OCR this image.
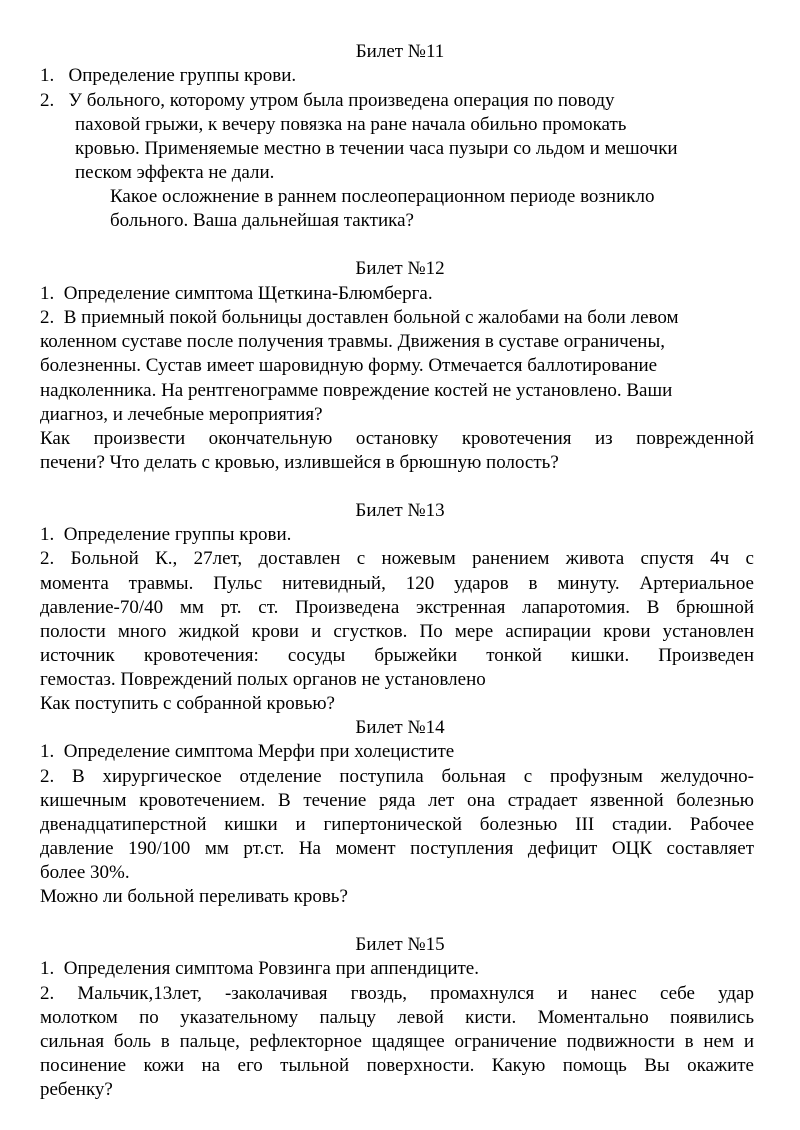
Билет №11
1.   Определение группы крови.
2.   У больного, которому утром была произведена операция по поводу
паховой грыжи, к вечеру повязка на ране начала обильно промокать
кровью. Применяемые местно в течении часа пузыри со льдом и мешочки
песком эффекта не дали.
Какое осложнение в раннем послеоперационном периоде возникло
больного. Ваша дальнейшая тактика?
Билет №12
1.  Определение симптома Щеткина-Блюмберга.
2.  В приемный покой больницы доставлен больной с жалобами на боли левом
коленном суставе после получения травмы. Движения в суставе ограничены,
болезненны. Сустав имеет шаровидную форму. Отмечается баллотирование
надколенника. На рентгенограмме повреждение костей не установлено. Ваши
диагноз, и лечебные мероприятия?
Как произвести окончательную остановку кровотечения из поврежденной
печени? Что делать с кровью, излившейся в брюшную полость?
Билет №13
1.  Определение группы крови.
2. Больной К., 27лет, доставлен с ножевым ранением живота спустя 4ч с
момента травмы. Пульс нитевидный, 120 ударов в минуту. Артериальное
давление-70/40 мм рт. ст. Произведена экстренная лапаротомия. В брюшной
полости много жидкой крови и сгустков. По мере аспирации крови установлен
источник кровотечения: сосуды брыжейки тонкой кишки. Произведен
гемостаз. Повреждений полых органов не установлено
Как поступить с собранной кровью?
Билет №14
1.  Определение симптома Мерфи при холецистите
2. В хирургическое отделение поступила больная с профузным желудочно-
кишечным кровотечением. В течение ряда лет она страдает язвенной болезнью
двенадцатиперстной кишки и гипертонической болезнью III стадии. Рабочее
давление 190/100 мм рт.ст. На момент поступления дефицит ОЦК составляет
более 30%.
Можно ли больной переливать кровь?
Билет №15
1.  Определения симптома Ровзинга при аппендиците.
2. Мальчик,13лет, -заколачивая гвоздь, промахнулся и нанес себе удар
молотком по указательному пальцу левой кисти. Моментально появились
сильная боль в пальце, рефлекторное щадящее ограничение подвижности в нем и
посинение кожи на его тыльной поверхности. Какую помощь Вы окажите
ребенку?
